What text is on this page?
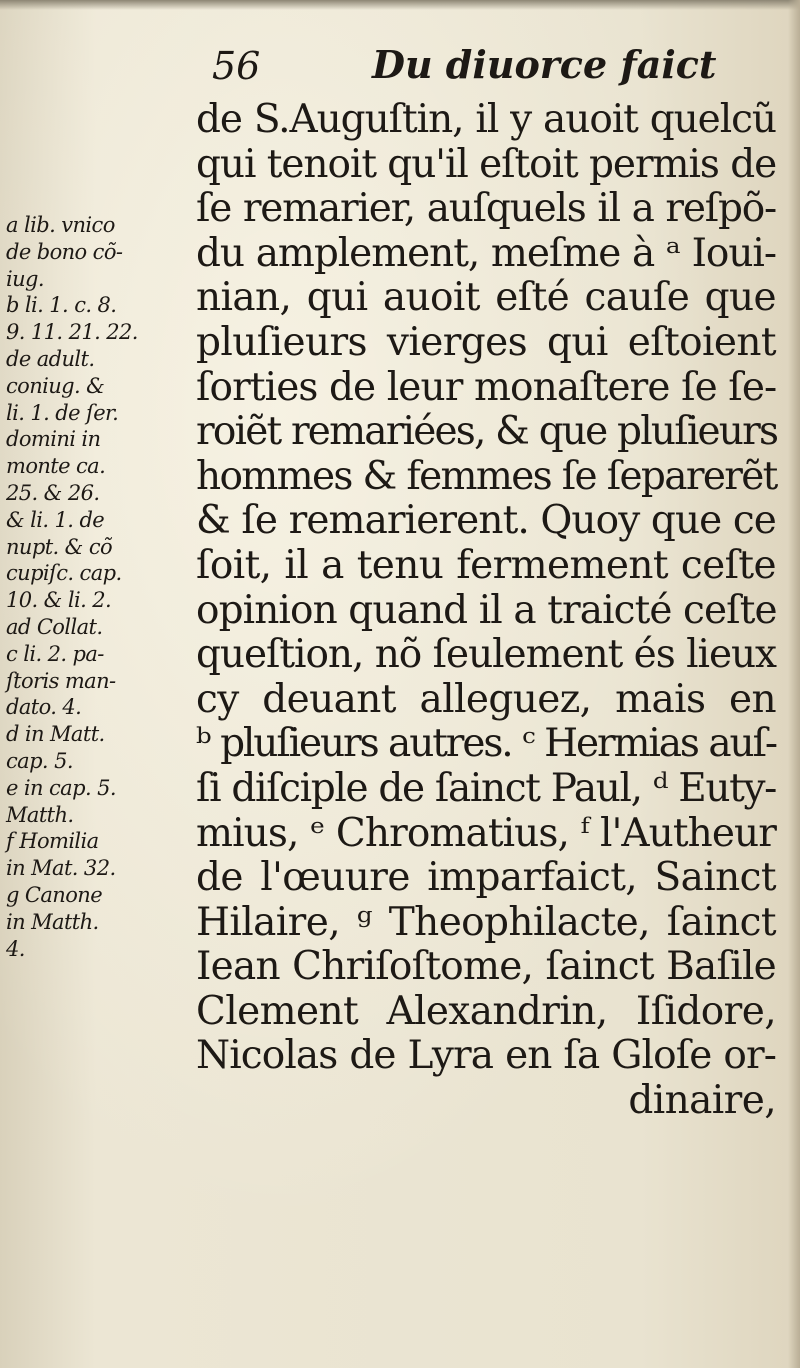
56	Du diuorce faict
a lib. vnico
de bono cõ-
iug.
b li. 1. c. 8.
9. 11. 21. 22.
de adult.
coniug. &
li. 1. de ſer.
domini in
monte ca.
25. & 26.
& li. 1. de
nupt. & cõ
cupiſc. cap.
10. & li. 2.
ad Collat.
c li. 2. pa-
ſtoris man-
dato. 4.
d in Matt.
cap. 5.
e in cap. 5.
Matth.
f Homilia
in Mat. 32.
g Canone
in Matth.
4.
de S.Auguſtin, il y auoit quelcũ
qui tenoit qu'il eſtoit permis de
ſe remarier, auſquels il a reſpõ-
du amplement, meſme à ᵃ Ioui-
nian, qui auoit eſté cauſe que
pluſieurs vierges qui eſtoient
ſorties de leur monaſtere ſe ſe-
roiẽt remariées, & que pluſieurs
hommes & femmes ſe ſeparerẽt
& ſe remarierent. Quoy que ce
ſoit, il a tenu fermement ceſte
opinion quand il a traicté ceſte
queſtion, nõ ſeulement és lieux
cy deuant alleguez, mais en
ᵇ pluſieurs autres. ᶜ Hermias auſ-
ſi diſciple de ſainct Paul, ᵈ Euty-
mius, ᵉ Chromatius, ᶠ l'Autheur
de l'œuure imparfaict, Sainct
Hilaire, ᵍ Theophilacte, ſainct
Iean Chriſoſtome, ſainct Baſile
Clement Alexandrin, Iſidore,
Nicolas de Lyra en ſa Gloſe or-
dinaire,
